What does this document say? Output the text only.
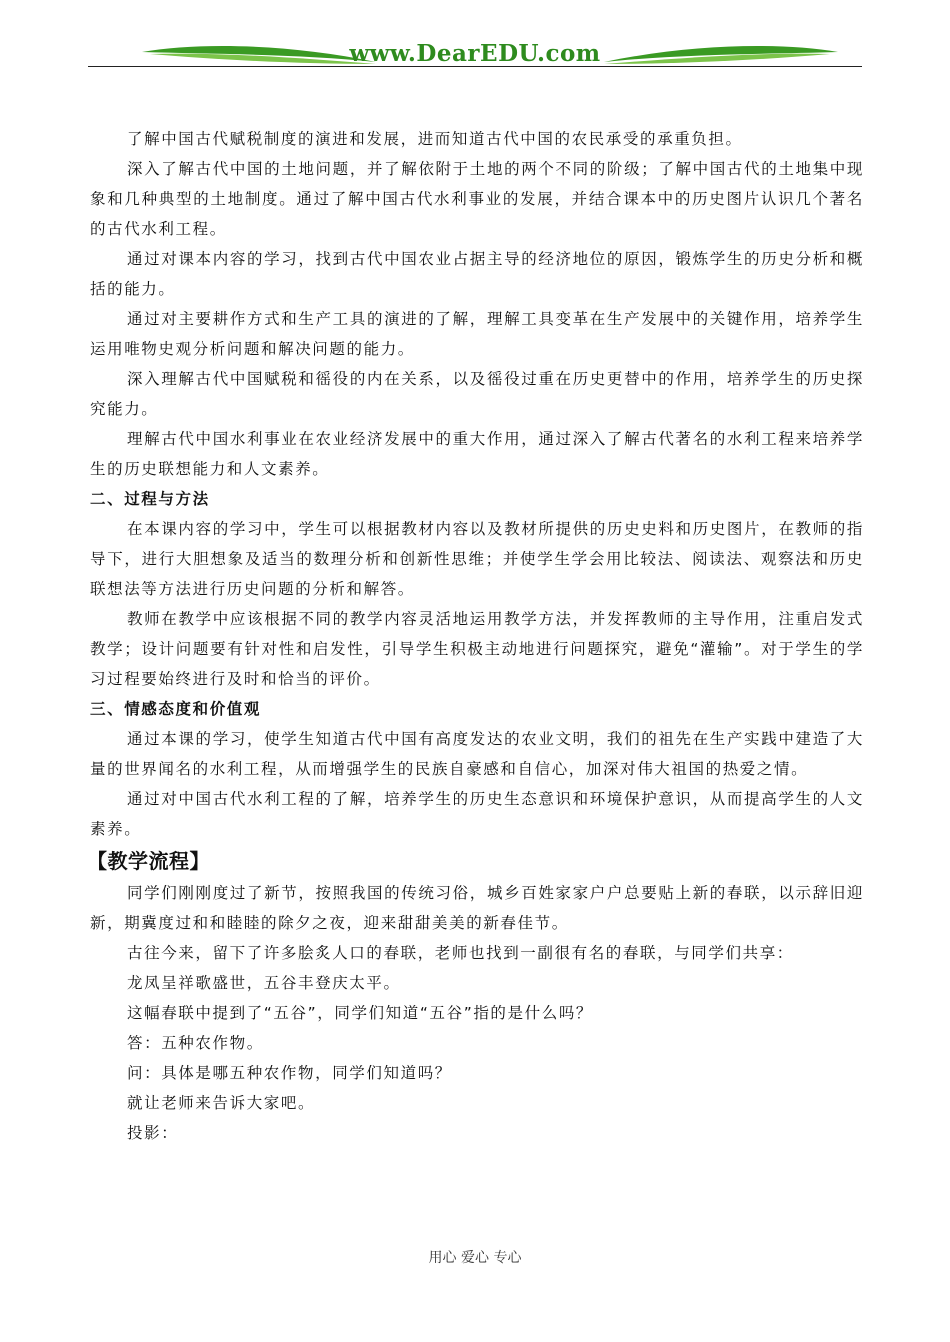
www.DearEDU.com

了解中国古代赋税制度的演进和发展，进而知道古代中国的农民承受的承重负担。

深入了解古代中国的土地问题，并了解依附于土地的两个不同的阶级；了解中国古代的土地集中现象和几种典型的土地制度。通过了解中国古代水利事业的发展，并结合课本中的历史图片认识几个著名的古代水利工程。

通过对课本内容的学习，找到古代中国农业占据主导的经济地位的原因，锻炼学生的历史分析和概括的能力。

通过对主要耕作方式和生产工具的演进的了解，理解工具变革在生产发展中的关键作用，培养学生运用唯物史观分析问题和解决问题的能力。

深入理解古代中国赋税和徭役的内在关系，以及徭役过重在历史更替中的作用，培养学生的历史探究能力。

理解古代中国水利事业在农业经济发展中的重大作用，通过深入了解古代著名的水利工程来培养学生的历史联想能力和人文素养。

二、过程与方法

在本课内容的学习中，学生可以根据教材内容以及教材所提供的历史史料和历史图片，在教师的指导下，进行大胆想象及适当的数理分析和创新性思维；并使学生学会用比较法、阅读法、观察法和历史联想法等方法进行历史问题的分析和解答。

教师在教学中应该根据不同的教学内容灵活地运用教学方法，并发挥教师的主导作用，注重启发式教学；设计问题要有针对性和启发性，引导学生积极主动地进行问题探究，避免“灌输”。对于学生的学习过程要始终进行及时和恰当的评价。

三、情感态度和价值观

通过本课的学习，使学生知道古代中国有高度发达的农业文明，我们的祖先在生产实践中建造了大量的世界闻名的水利工程，从而增强学生的民族自豪感和自信心，加深对伟大祖国的热爱之情。

通过对中国古代水利工程的了解，培养学生的历史生态意识和环境保护意识，从而提高学生的人文素养。

【教学流程】

同学们刚刚度过了新节，按照我国的传统习俗，城乡百姓家家户户总要贴上新的春联，以示辞旧迎新，期冀度过和和睦睦的除夕之夜，迎来甜甜美美的新春佳节。

古往今来，留下了许多脍炙人口的春联，老师也找到一副很有名的春联，与同学们共享：

龙凤呈祥歌盛世，五谷丰登庆太平。

这幅春联中提到了“五谷”，同学们知道“五谷”指的是什么吗？

答：五种农作物。

问：具体是哪五种农作物，同学们知道吗？

就让老师来告诉大家吧。

投影：

用心 爱心 专心
